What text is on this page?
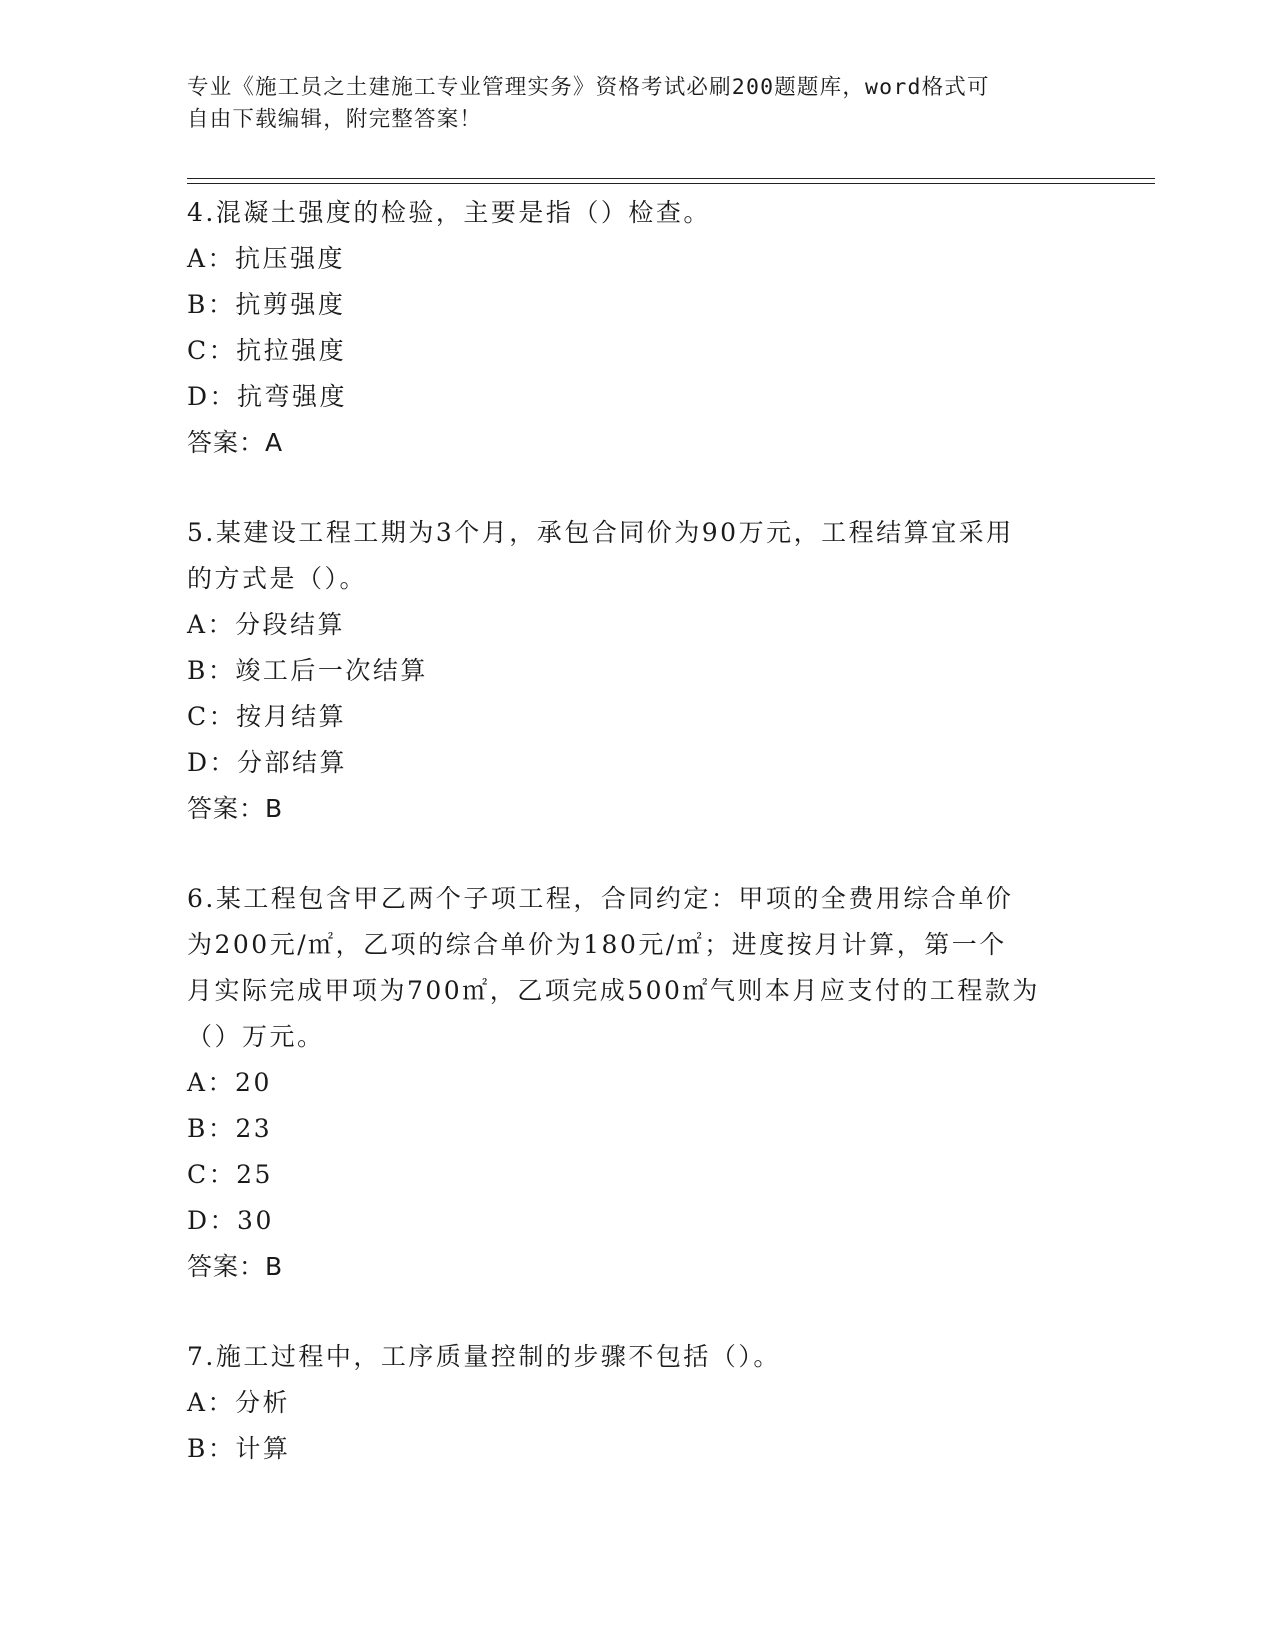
专业《施工员之土建施工专业管理实务》资格考试必刷200题题库，word格式可
自由下载编辑，附完整答案！
4.混凝土强度的检验，主要是指（）检查。
A：抗压强度
B：抗剪强度
C：抗拉强度
D：抗弯强度
答案：A
5.某建设工程工期为3个月，承包合同价为90万元，工程结算宜采用
的方式是（）。
A：分段结算
B：竣工后一次结算
C：按月结算
D：分部结算
答案：B
6.某工程包含甲乙两个子项工程，合同约定：甲项的全费用综合单价
为200元/㎡，乙项的综合单价为180元/㎡；进度按月计算，第一个
月实际完成甲项为700㎡，乙项完成500㎡气则本月应支付的工程款为
（）万元。
A：20
B：23
C：25
D：30
答案：B
7.施工过程中，工序质量控制的步骤不包括（）。
A：分析
B：计算
